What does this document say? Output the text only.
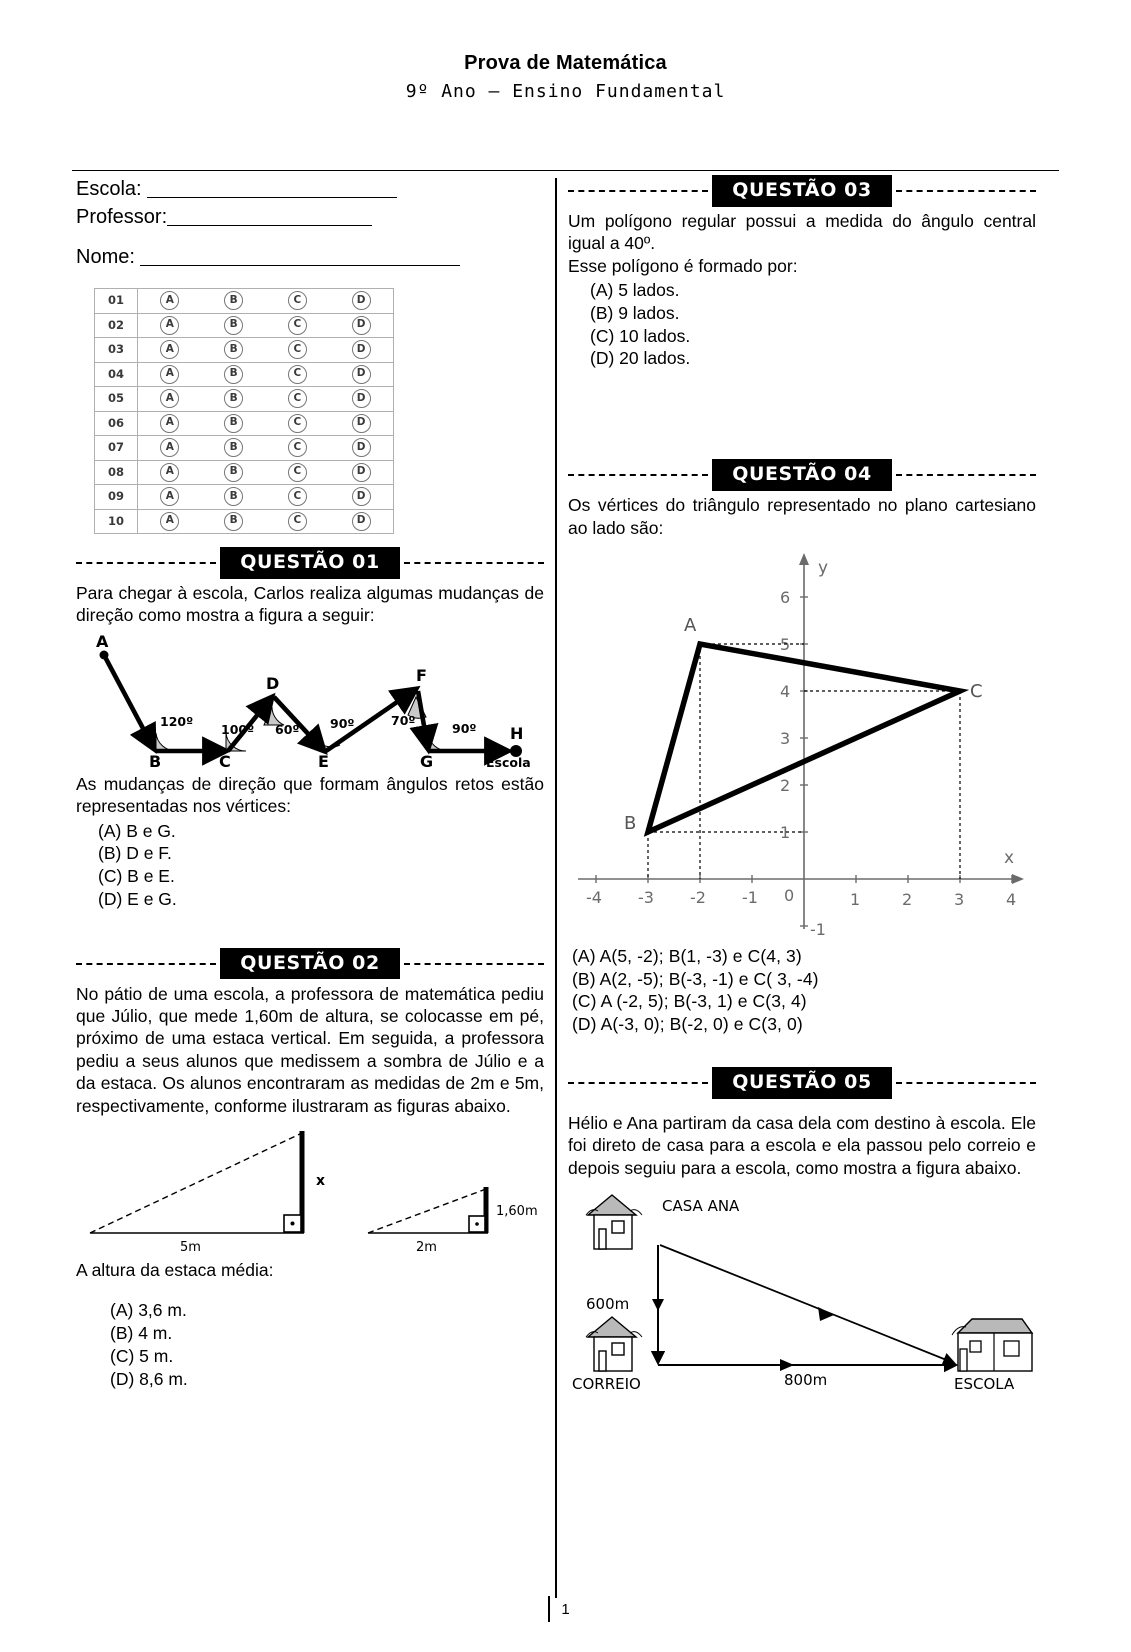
Prova de Matemática
9º Ano – Ensino Fundamental
Escola:
Professor:
Nome:
01	A B C D

02	A B C D

03	A B C D

04	A B C D

05	A B C D

06	A B C D

07	A B C D

08	A B C D

09	A B C D

10	A B C D
QUESTÃO 01
Para chegar à escola, Carlos realiza algumas mudanças de direção como mostra a figura a seguir:
A
B	C
D
E
F
G
H
120º
100º 60º 90º	70º
90º
Escola
As mudanças de direção que formam ângulos retos estão representadas nos vértices:
(A) B e G.
(B) D e F.
(C) B e E.
(D) E e G.
QUESTÃO 02
No pátio de uma escola, a professora de matemática pediu que Júlio, que mede 1,60m de altura, se colocasse em pé, próximo de uma estaca vertical. Em seguida, a professora pediu a seus alunos que medissem a sombra de Júlio e a da estaca. Os alunos encontraram as medidas de 2m e 5m, respectivamente, conforme ilustraram as figuras abaixo.
5m
x
2m
1,60m
A altura da estaca média:
(A) 3,6 m.
(B) 4 m.
(C) 5 m.
(D) 8,6 m.
QUESTÃO 03
Um polígono regular possui a medida do ângulo central igual a 40º.
Esse polígono é formado por:
(A) 5 lados.
(B) 9 lados.
(C) 10 lados.
(D) 20 lados.
QUESTÃO 04
Os vértices do triângulo representado no plano cartesiano ao lado são:
-4 -3 -2 -1 0	1	2	3	4
1
2
3
4
5
6
-1
y
x
A
B
C
(A) A(5, -2); B(1, -3) e C(4, 3)
(B) A(2, -5); B(-3, -1) e C( 3, -4)
(C) A (-2, 5); B(-3, 1) e C(3, 4)
(D) A(-3, 0); B(-2, 0) e C(3, 0)
QUESTÃO 05
Hélio e Ana partiram da casa dela com destino à escola. Ele foi direto de casa para a escola e ela passou pelo correio e depois seguiu para a escola, como mostra a figura abaixo.
CASA ANA
CORREIO	ESCOLA
600m
800m
1
